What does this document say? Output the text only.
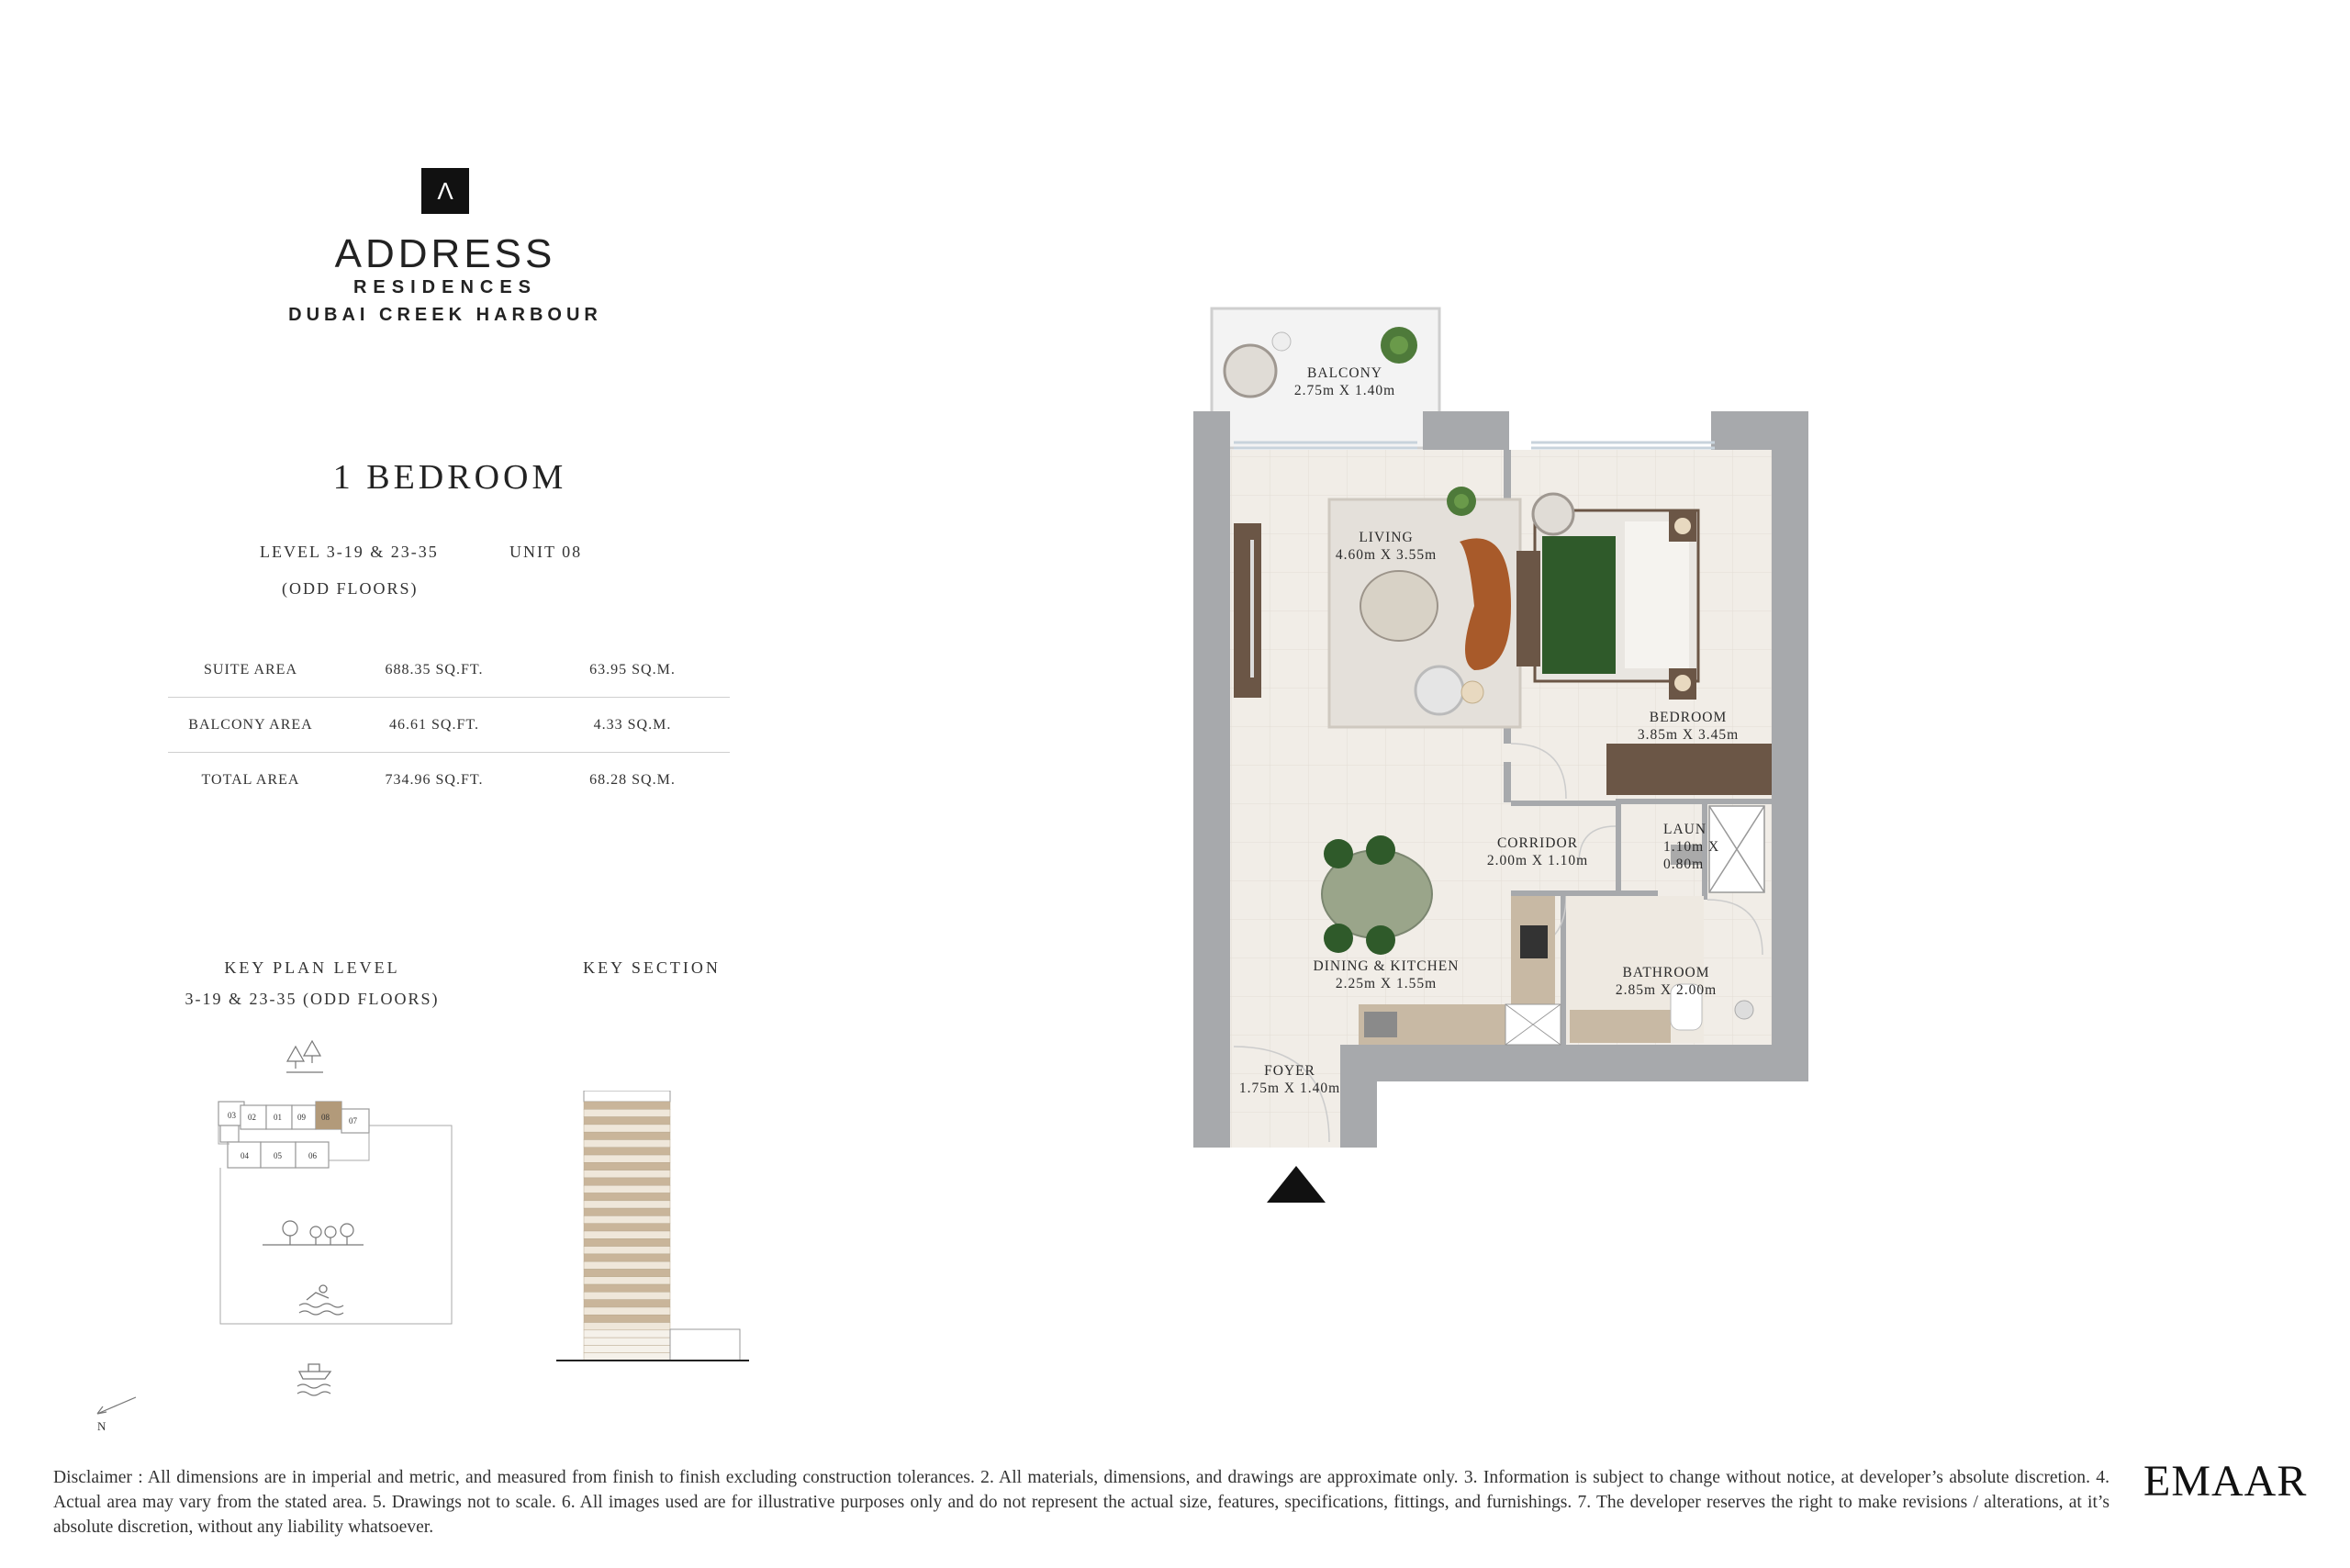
Λ
ADDRESS
RESIDENCES
DUBAI CREEK HARBOUR
1 BEDROOM
LEVEL 3-19 & 23-35
(ODD FLOORS)
UNIT 08
SUITE AREA	688.35 SQ.FT.	63.95 SQ.M.
BALCONY AREA	46.61 SQ.FT.	4.33 SQ.M.
TOTAL AREA	734.96 SQ.FT.	68.28 SQ.M.
KEY PLAN LEVEL
3-19 & 23-35 (ODD FLOORS)
KEY SECTION
03 02 01 09 08 07
04	05	06
N
BALCONY
2.75m X 1.40m
LIVING
4.60m X 3.55m
BEDROOM
3.85m X 3.45m
CORRIDOR
2.00m X 1.10m
LAUN
1.10m X
0.80m
DINING & KITCHEN
2.25m X 1.55m
BATHROOM
2.85m X 2.00m
FOYER
1.75m X 1.40m
Disclaimer : All dimensions are in imperial and metric, and measured from finish to finish excluding construction tolerances. 2. All materials, dimensions, and drawings are approximate only. 3. Information is subject to change without notice, at developer’s absolute discretion. 4. Actual area may vary from the stated area. 5. Drawings not to scale. 6. All images used are for illustrative purposes only and do not represent the actual size, features, specifications, fittings, and furnishings. 7. The developer reserves the right to make revisions / alterations, at it’s absolute discretion, without any liability whatsoever.
EMAAR
